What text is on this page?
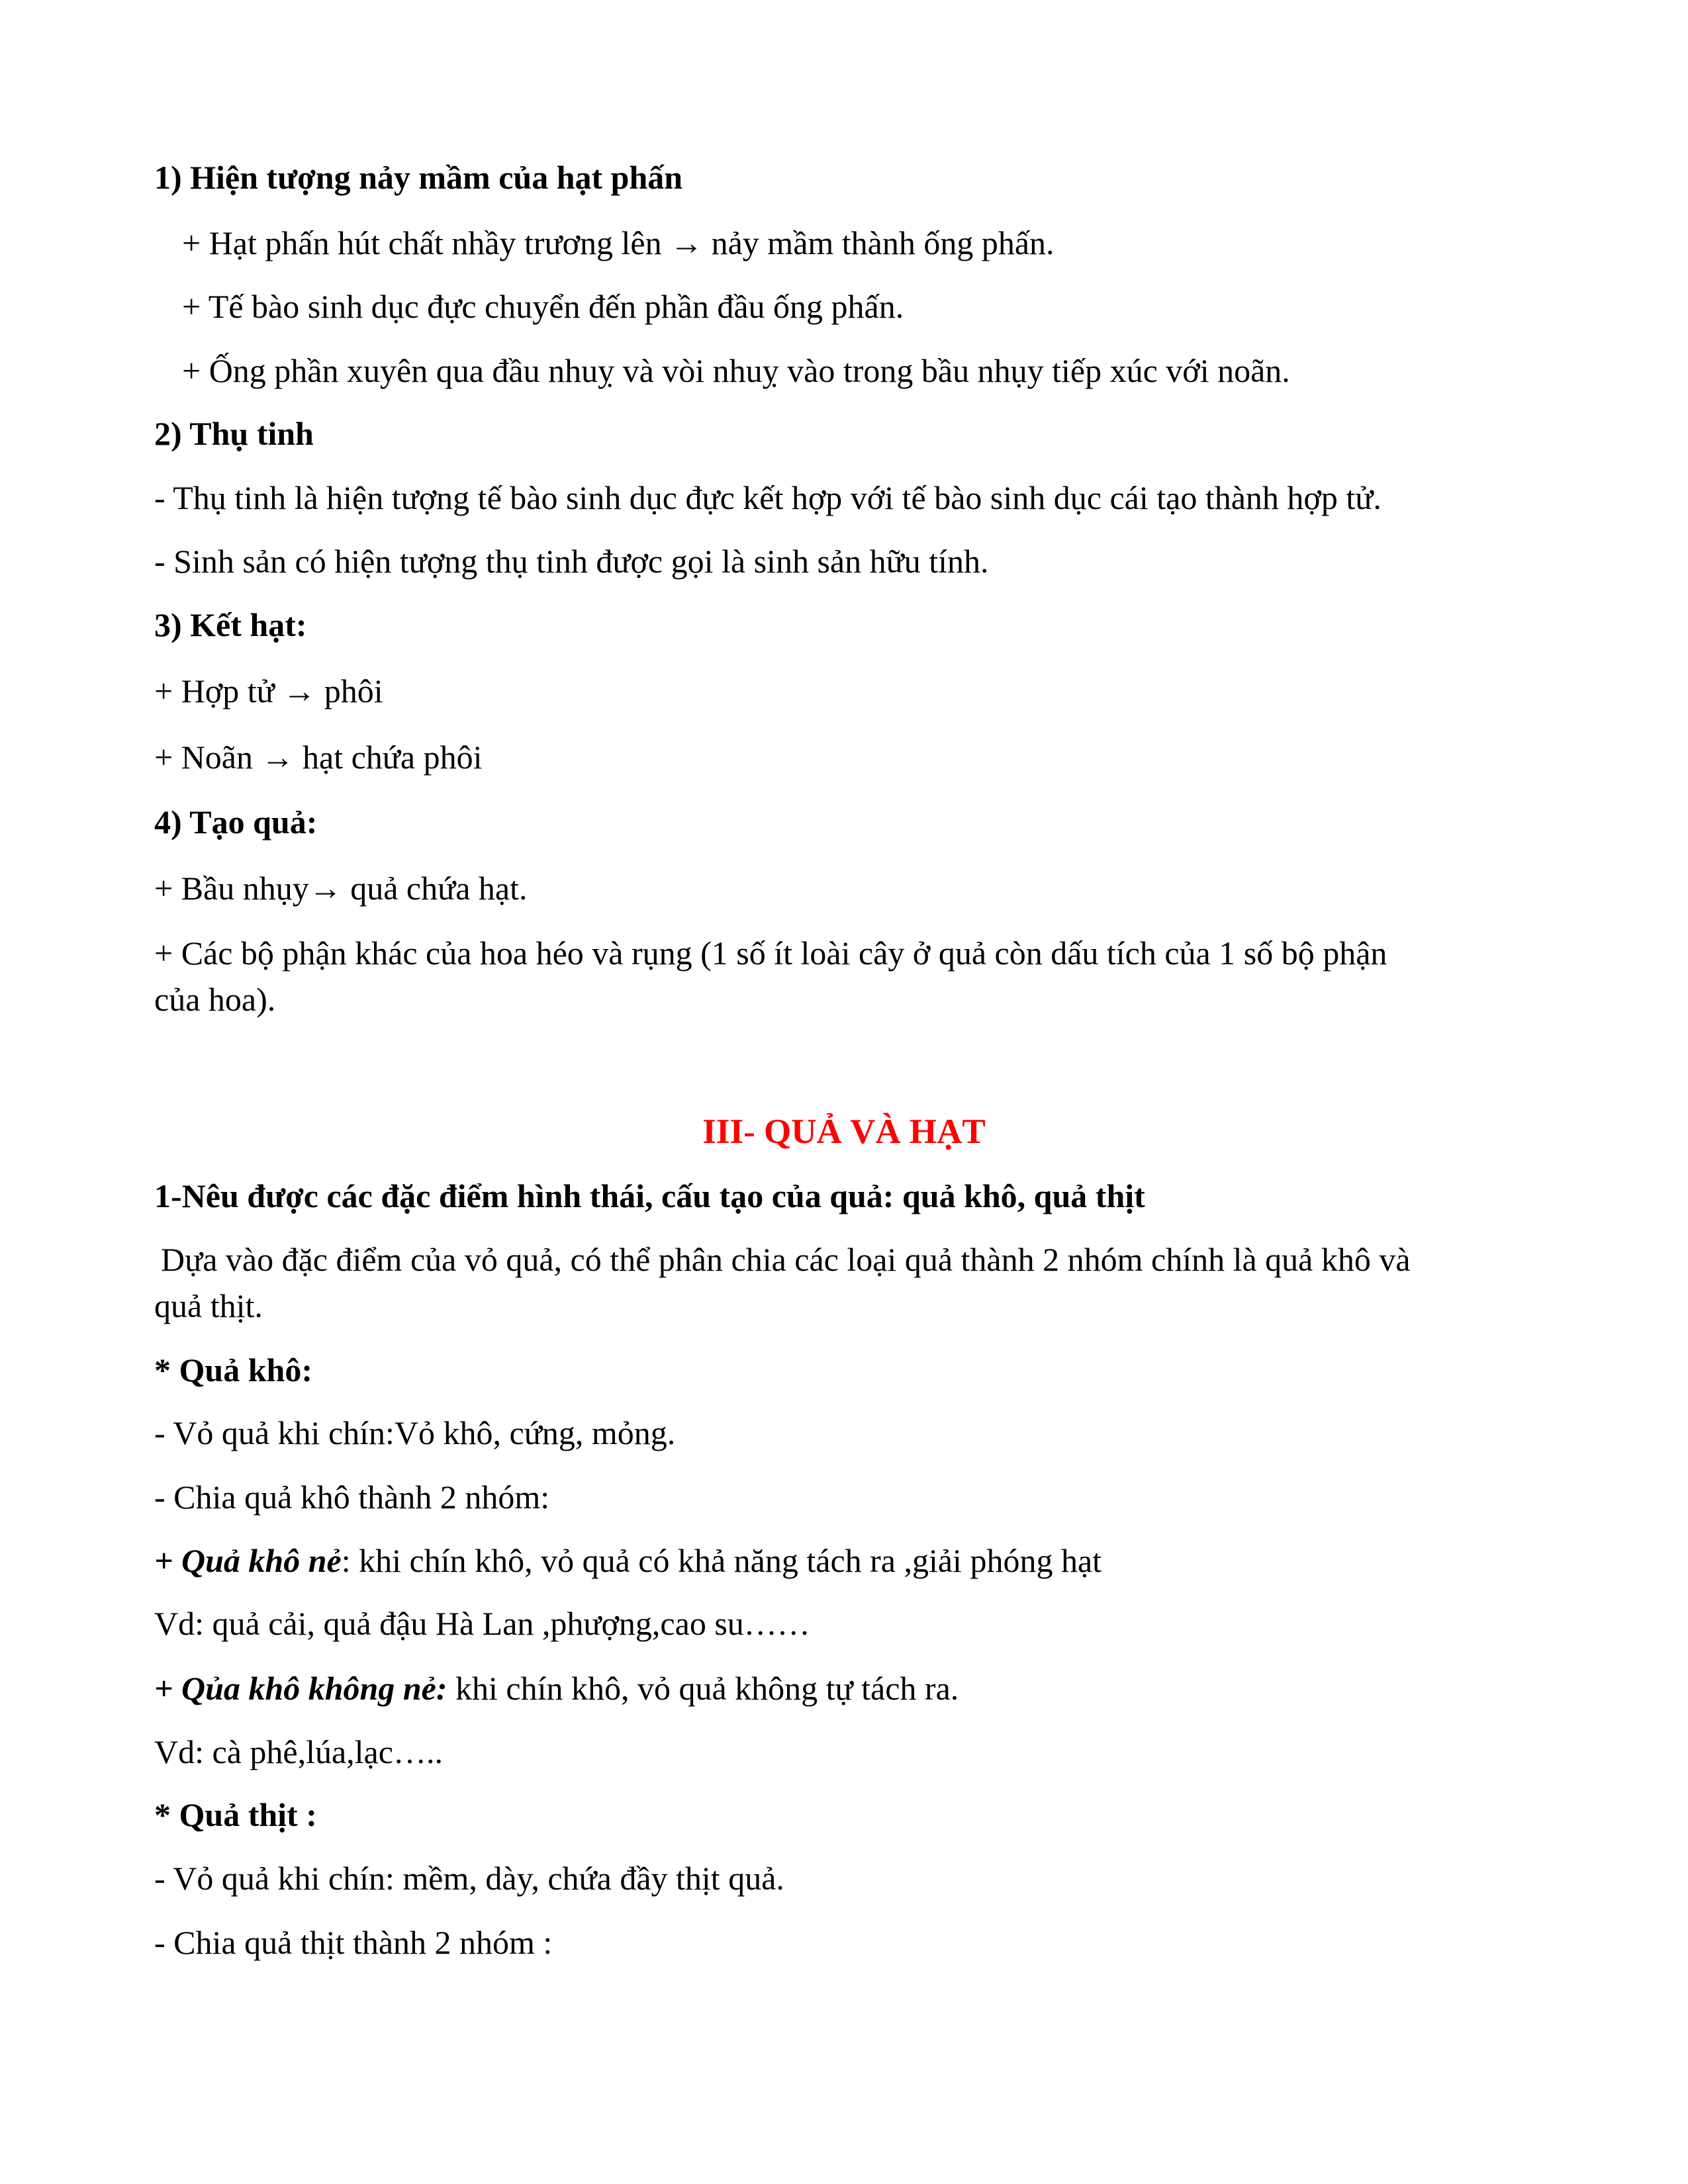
1) Hiện tượng nảy mầm của hạt phấn
+ Hạt phấn hút chất nhầy trương lên → nảy mầm thành ống phấn.
+ Tế bào sinh dục đực chuyển đến phần đầu ống phấn.
+ Ống phần xuyên qua đầu nhuỵ và vòi nhuỵ vào trong bầu nhụy tiếp xúc với noãn.
2) Thụ tinh
- Thụ tinh là hiện tượng tế bào sinh dục đực kết hợp với tế bào sinh dục cái tạo thành hợp tử.
- Sinh sản có hiện tượng thụ tinh được gọi là sinh sản hữu tính.
3) Kết hạt:
+ Hợp tử → phôi
+ Noãn → hạt chứa phôi
4) Tạo quả:
+ Bầu nhụy→ quả chứa hạt.
+ Các bộ phận khác của hoa héo và rụng (1 số ít loài cây ở quả còn dấu tích của 1 số bộ phận
của hoa).
III- QUẢ VÀ HẠT
1-Nêu được các đặc điểm hình thái, cấu tạo của quả: quả khô, quả thịt
Dựa vào đặc điểm của vỏ quả, có thể phân chia các loại quả thành 2 nhóm chính là quả khô và
quả thịt.
* Quả khô:
- Vỏ quả khi chín:Vỏ khô, cứng, mỏng.
- Chia quả khô thành 2 nhóm:
+ Quả khô nẻ: khi chín khô, vỏ quả có khả năng tách ra ,giải phóng hạt
Vd: quả cải, quả đậu Hà Lan ,phượng,cao su……
+ Qủa khô không nẻ: khi chín khô, vỏ quả không tự tách ra.
Vd: cà phê,lúa,lạc…..
* Quả thịt :
- Vỏ quả khi chín: mềm, dày, chứa đầy thịt quả.
- Chia quả thịt thành 2 nhóm :
